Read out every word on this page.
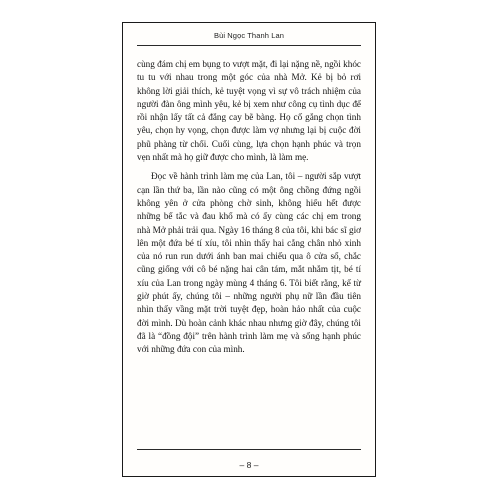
Bùi Ngọc Thanh Lan

cùng đám chị em bụng to vượt mặt, đi lại nặng nề, ngồi khóc tu tu với nhau trong một góc của nhà Mở. Kẻ bị bỏ rơi không lời giải thích, kẻ tuyệt vọng vì sự vô trách nhiệm của người đàn ông mình yêu, kẻ bị xem như công cụ tình dục để rồi nhận lấy tất cả đắng cay bẽ bàng. Họ cố gắng chọn tình yêu, chọn hy vọng, chọn được làm vợ nhưng lại bị cuộc đời phũ phàng từ chối. Cuối cùng, lựa chọn hạnh phúc và trọn vẹn nhất mà họ giữ được cho mình, là làm mẹ.

Đọc về hành trình làm mẹ của Lan, tôi – người sắp vượt cạn lần thứ ba, lần nào cũng có một ông chồng đứng ngồi không yên ở cửa phòng chờ sinh, không hiểu hết được những bế tắc và đau khổ mà có ấy cùng các chị em trong nhà Mở phải trải qua. Ngày 16 tháng 8 của tôi, khi bác sĩ giơ lên một đứa bé tí xíu, tôi nhìn thấy hai cẳng chân nhỏ xinh của nó run run dưới ánh ban mai chiếu qua ô cửa sổ, chắc cũng giống với cô bé nặng hai cân tám, mắt nhắm tịt, bé tí xíu của Lan trong ngày mùng 4 tháng 6. Tôi biết rằng, kể từ giờ phút ấy, chúng tôi – những người phụ nữ lần đầu tiên nhìn thấy vầng mặt trời tuyệt đẹp, hoàn hảo nhất của cuộc đời mình. Dù hoàn cảnh khác nhau nhưng giờ đây, chúng tôi đã là “đồng đội” trên hành trình làm mẹ và sống hạnh phúc với những đứa con của mình.

– 8 –
